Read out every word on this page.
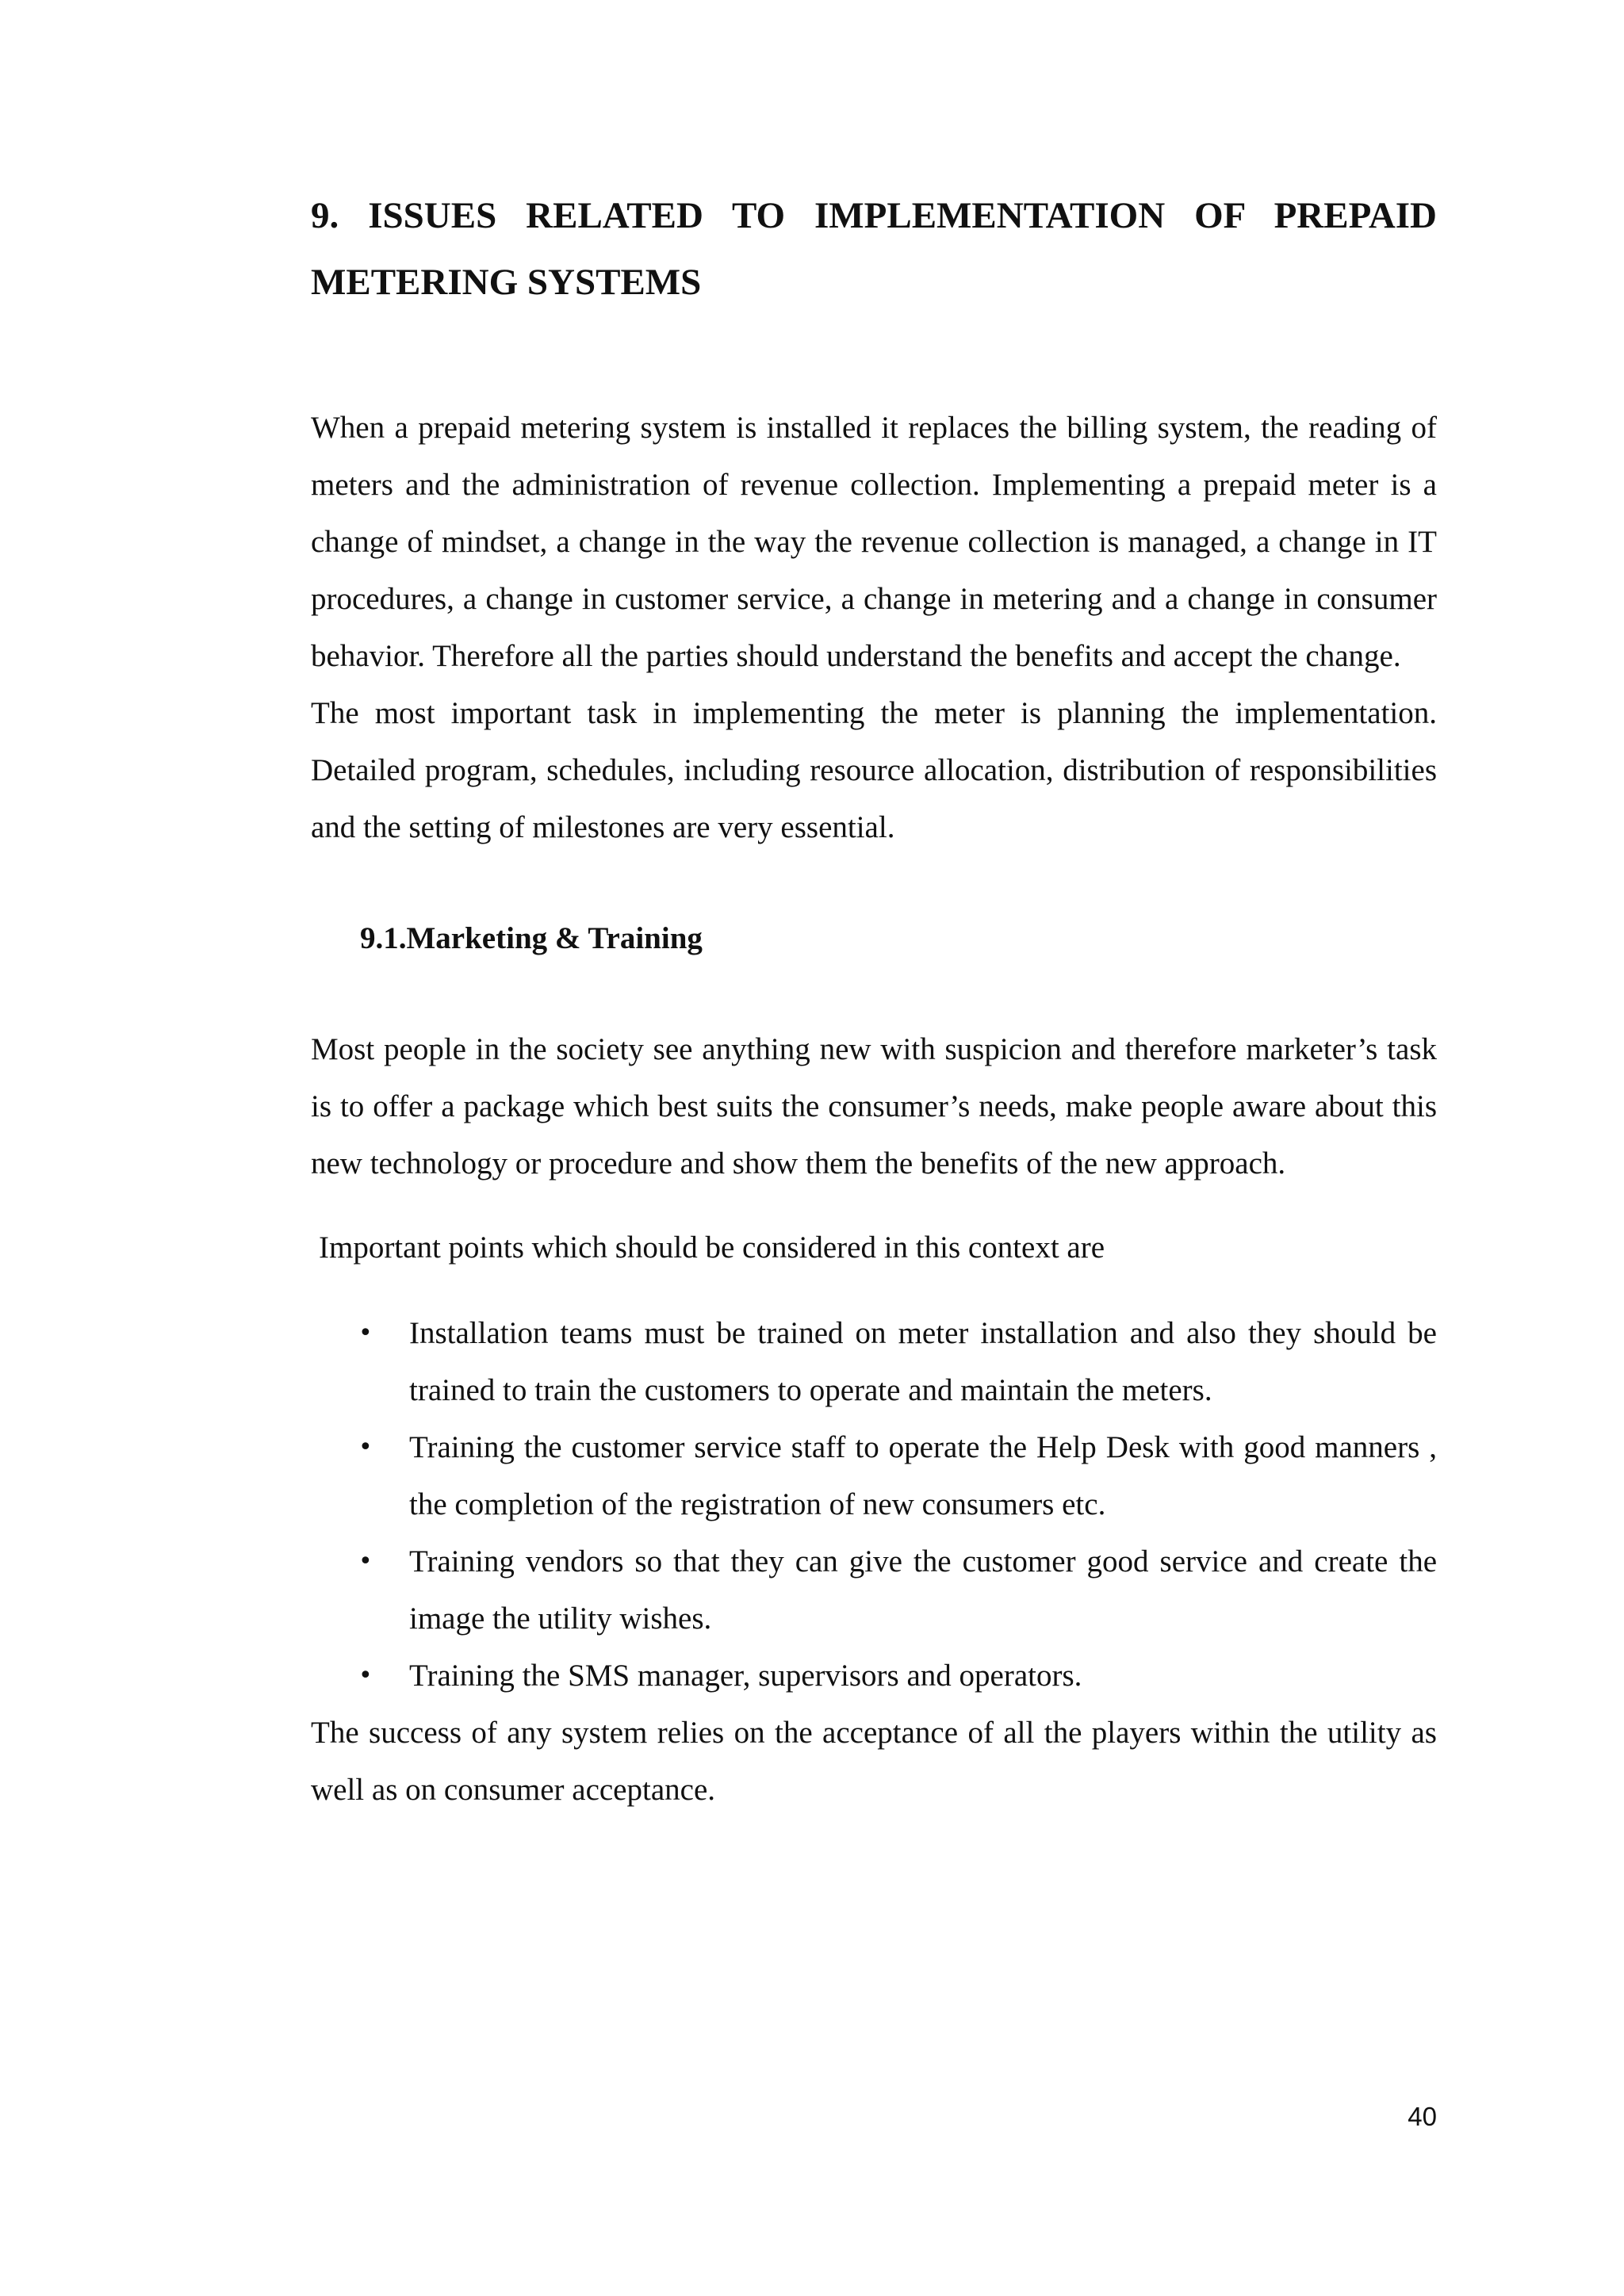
9. ISSUES RELATED TO IMPLEMENTATION OF PREPAID METERING SYSTEMS

When a prepaid metering system is installed it replaces the billing system, the reading of meters and the administration of revenue collection. Implementing a prepaid meter is a change of mindset, a change in the way the revenue collection is managed, a change in IT procedures, a change in customer service, a change in metering and a change in consumer behavior. Therefore all the parties should understand the benefits and accept the change.

The most important task in implementing the meter is planning the implementation. Detailed program, schedules, including resource allocation, distribution of responsibilities and the setting of milestones are very essential.

9.1.Marketing & Training

Most people in the society see anything new with suspicion and therefore marketer’s task is to offer a package which best suits the consumer’s needs, make people aware about this new technology or procedure and show them the benefits of the new approach.

Important points which should be considered in this context are

• Installation teams must be trained on meter installation and also they should be trained to train the customers to operate and maintain the meters.
• Training the customer service staff to operate the Help Desk with good manners , the completion of the registration of new consumers etc.
• Training vendors so that they can give the customer good service and create the image the utility wishes.
• Training the SMS manager, supervisors and operators.

The success of any system relies on the acceptance of all the players within the utility as well as on consumer acceptance.

40
